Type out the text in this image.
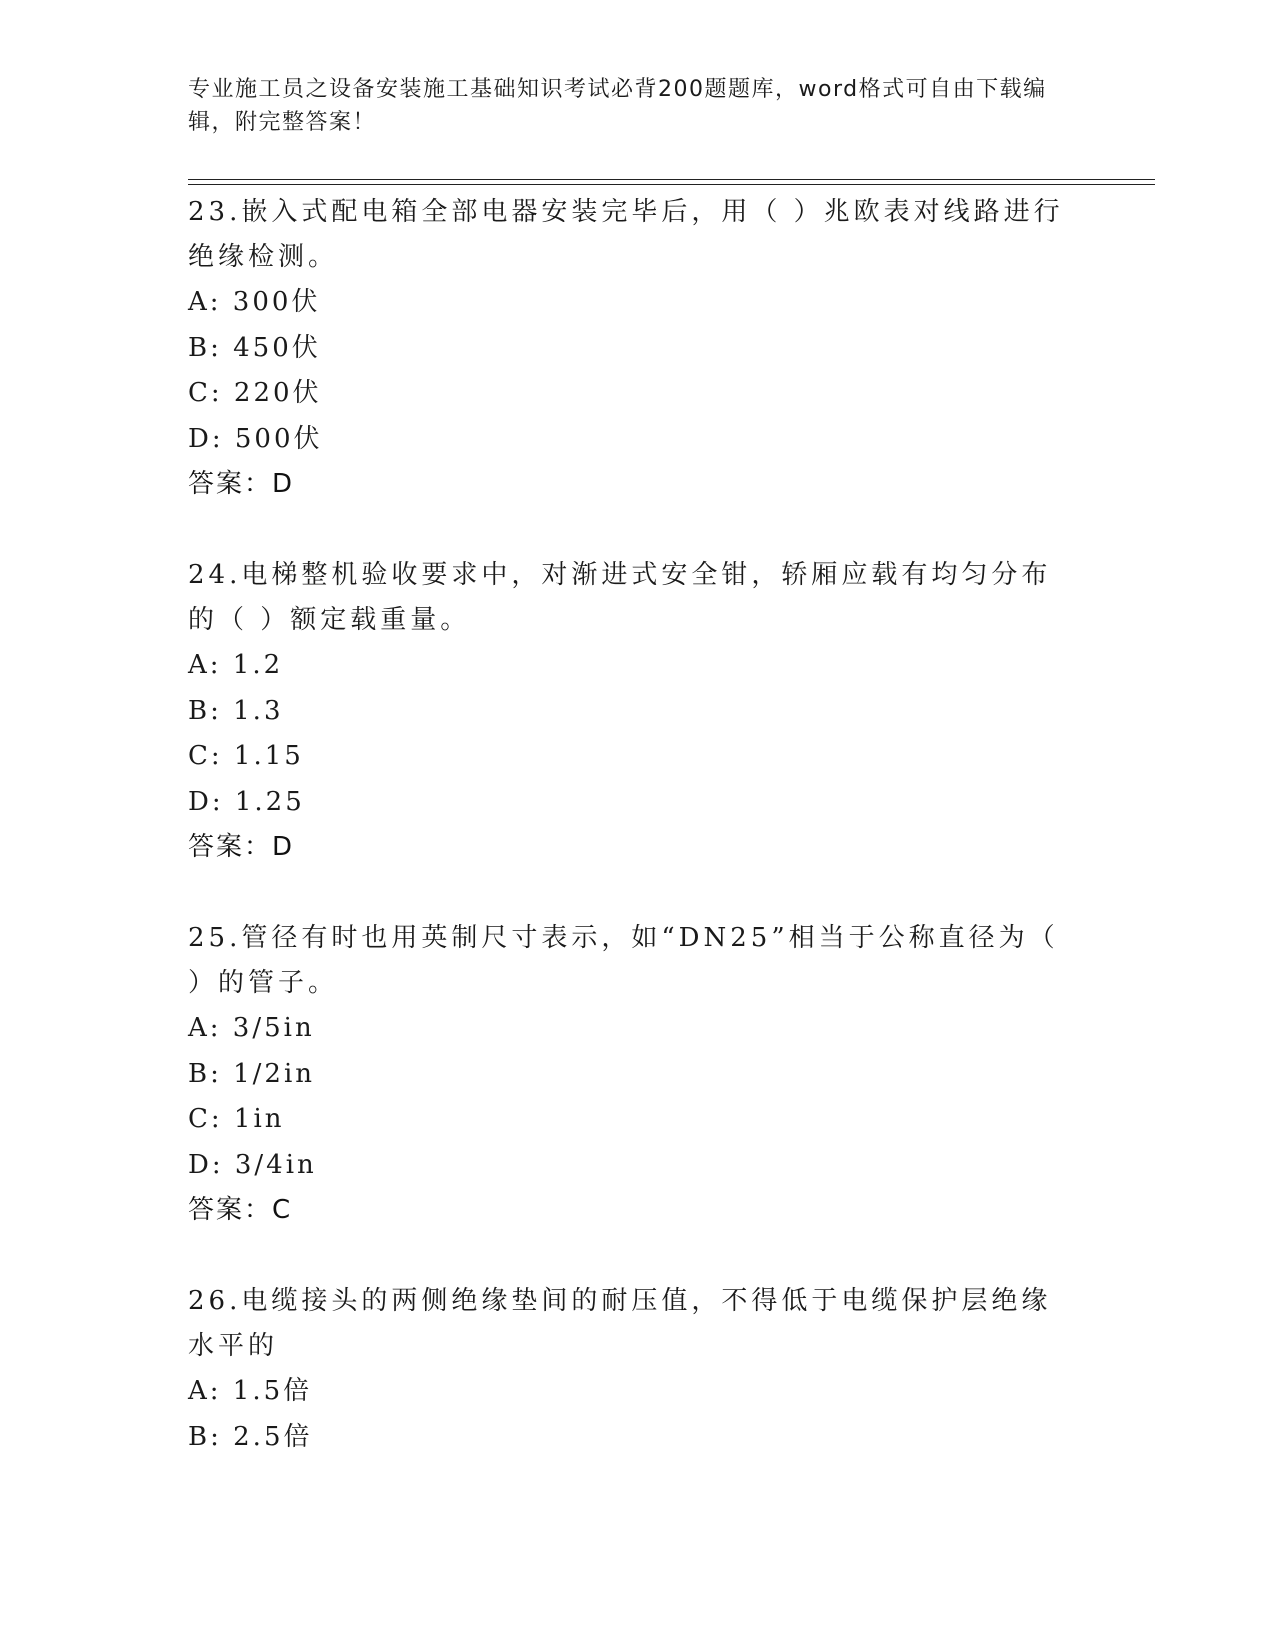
专业施工员之设备安装施工基础知识考试必背200题题库，word格式可自由下载编辑，附完整答案！
23.嵌入式配电箱全部电器安装完毕后，用（ ）兆欧表对线路进行绝缘检测。
A: 300伏
B: 450伏
C: 220伏
D: 500伏
答案：D
24.电梯整机验收要求中，对渐进式安全钳，轿厢应载有均匀分布的（ ）额定载重量。
A: 1.2
B: 1.3
C: 1.15
D: 1.25
答案：D
25.管径有时也用英制尺寸表示，如“DN25”相当于公称直径为（ ）的管子。
A: 3/5in
B: 1/2in
C: 1in
D: 3/4in
答案：C
26.电缆接头的两侧绝缘垫间的耐压值，不得低于电缆保护层绝缘水平的
A: 1.5倍
B: 2.5倍
